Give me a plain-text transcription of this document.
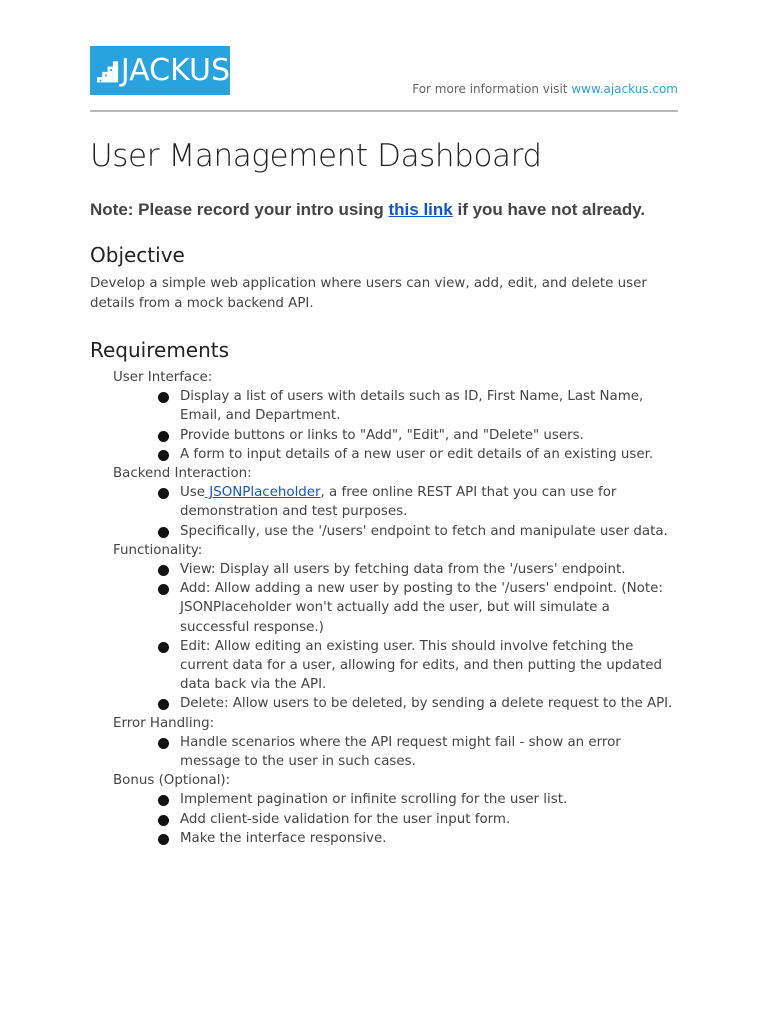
JACKUS
For more information visit www.ajackus.com
User Management Dashboard

Note: Please record your intro using this link if you have not already.

Objective

Develop a simple web application where users can view, add, edit, and delete user details from a mock backend API.

Requirements

User Interface:

Display a list of users with details such as ID, First Name, Last Name, Email, and Department.
Provide buttons or links to "Add", "Edit", and "Delete" users.
A form to input details of a new user or edit details of an existing user.

Backend Interaction:

Use JSONPlaceholder, a free online REST API that you can use for demonstration and test purposes.
Specifically, use the '/users' endpoint to fetch and manipulate user data.

Functionality:

View: Display all users by fetching data from the '/users' endpoint.
Add: Allow adding a new user by posting to the '/users' endpoint. (Note: JSONPlaceholder won't actually add the user, but will simulate a successful response.)
Edit: Allow editing an existing user. This should involve fetching the current data for a user, allowing for edits, and then putting the updated data back via the API.
Delete: Allow users to be deleted, by sending a delete request to the API.

Error Handling:

Handle scenarios where the API request might fail - show an error message to the user in such cases.

Bonus (Optional):

Implement pagination or infinite scrolling for the user list.
Add client-side validation for the user input form.
Make the interface responsive.
